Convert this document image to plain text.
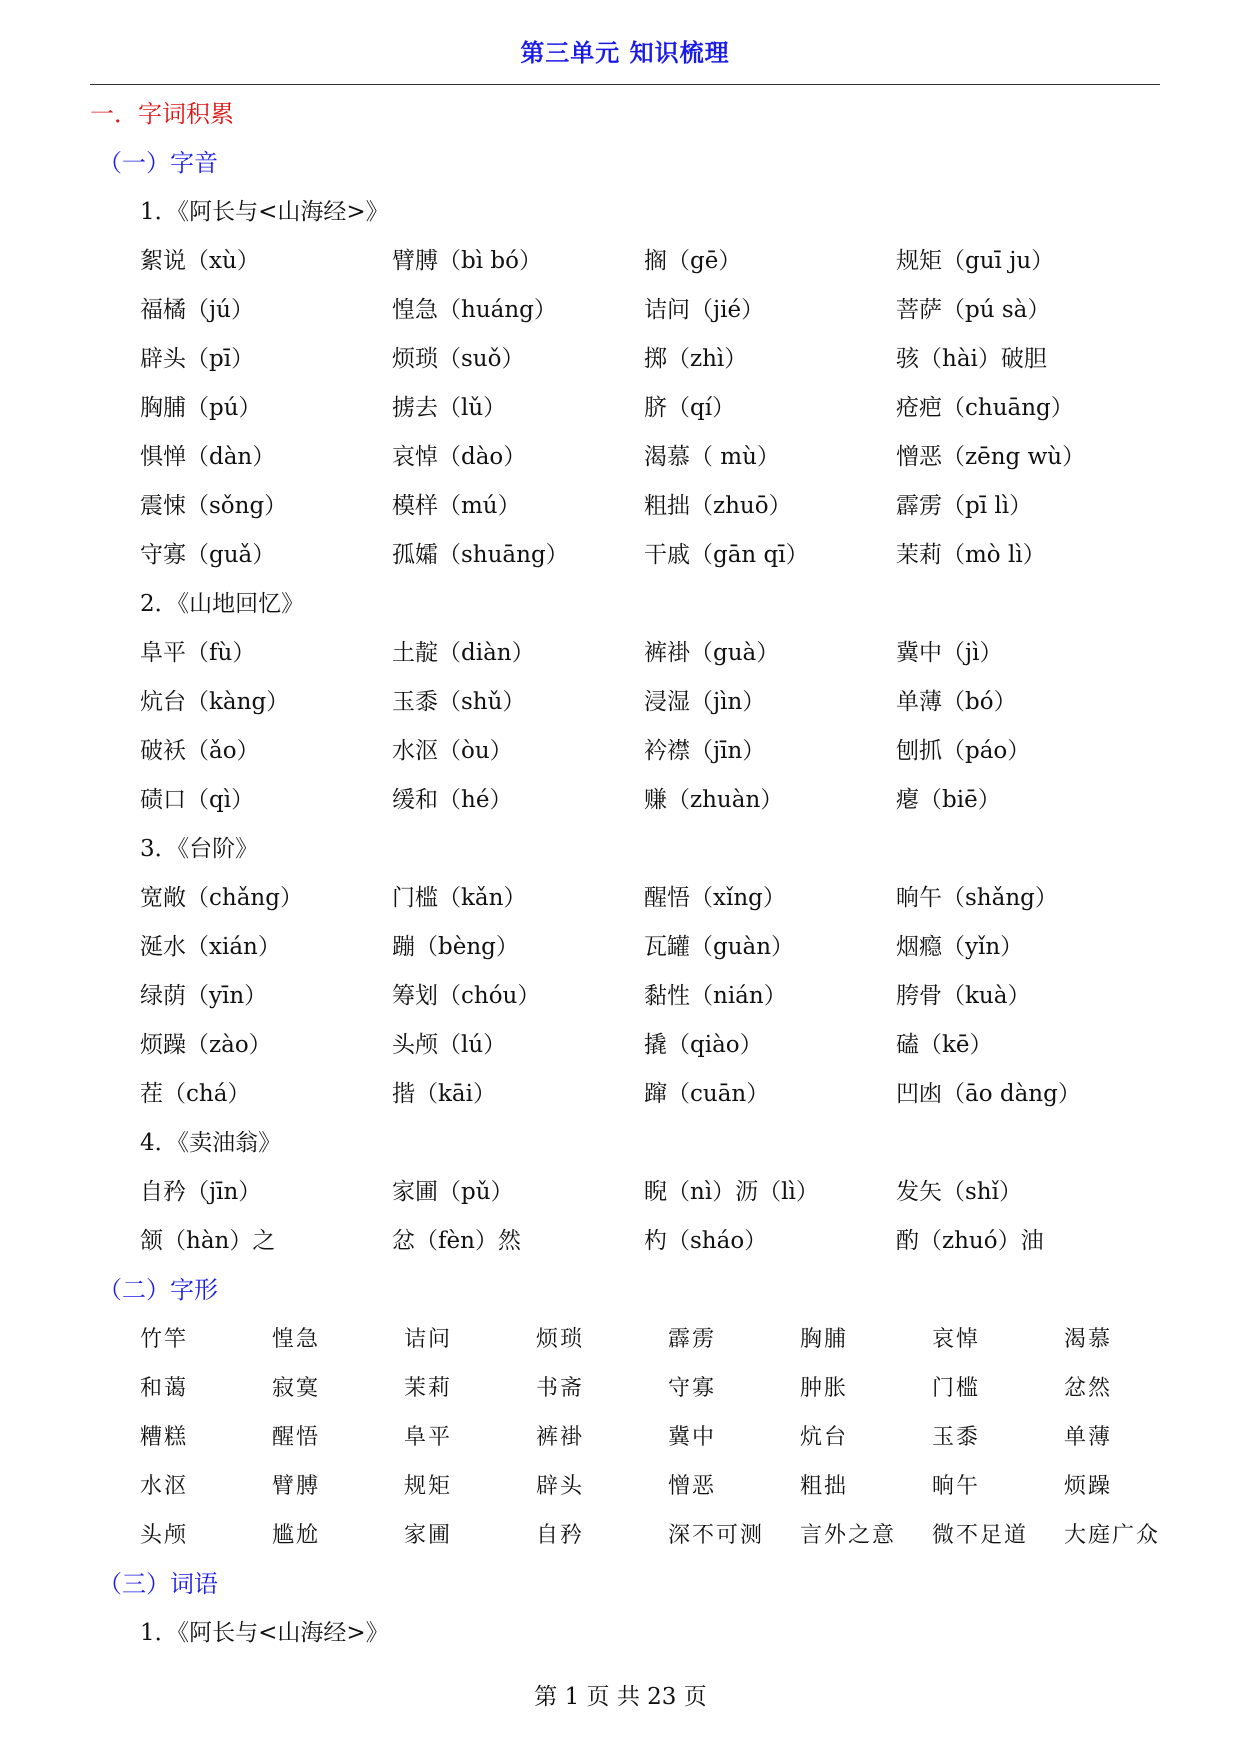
第三单元 知识梳理
一．字词积累
（一）字音
1．《阿长与<山海经>》
絮说（xù）	臂膊（bì bó）	搁（gē）	规矩（guī ju）
福橘（jú）	惶急（huáng）	诘问（jié）	菩萨（pú sà）
辟头（pī）	烦琐（suǒ）	掷（zhì）	骇（hài）破胆
胸脯（pú）	掳去（lǔ）	脐（qí）	疮疤（chuāng）
惧惮（dàn）	哀悼（dào）	渴慕（ mù）	憎恶（zēng wù）
震悚（sǒng）	模样（mú）	粗拙（zhuō）	霹雳（pī lì）
守寡（guǎ）	孤孀（shuāng）	干戚（gān qī）	茉莉（mò lì）
2．《山地回忆》
阜平（fù）	土靛（diàn）	裤褂（guà）	冀中（jì）
炕台（kàng）	玉黍（shǔ）	浸湿（jìn）	单薄（bó）
破袄（ǎo）	水沤（òu）	衿襟（jīn）	刨抓（páo）
碛口（qì）	缓和（hé）	赚（zhuàn）	瘪（biē）
3．《台阶》
宽敞（chǎng）	门槛（kǎn）	醒悟（xǐng）	晌午（shǎng）
涎水（xián）	蹦（bèng）	瓦罐（guàn）	烟瘾（yǐn）
绿荫（yīn）	筹划（chóu）	黏性（nián）	胯骨（kuà）
烦躁（zào）	头颅（lú）	撬（qiào）	磕（kē）
茬（chá）	揩（kāi）	蹿（cuān）	凹凼（āo dàng）
4．《卖油翁》
自矜（jīn）	家圃（pǔ）	睨（nì）沥（lì）	发矢（shǐ）
颔（hàn）之	忿（fèn）然	杓（sháo）	酌（zhuó）油
（二）字形
竹竿	惶急	诘问	烦琐	霹雳	胸脯	哀悼	渴慕
和蔼	寂寞	茉莉	书斋	守寡	肿胀	门槛	忿然
糟糕	醒悟	阜平	裤褂	冀中	炕台	玉黍	单薄
水沤	臂膊	规矩	辟头	憎恶	粗拙	晌午	烦躁
头颅	尴尬	家圃	自矜	深不可测	言外之意	微不足道	大庭广众
（三）词语
1．《阿长与<山海经>》
第 1 页 共 23 页
